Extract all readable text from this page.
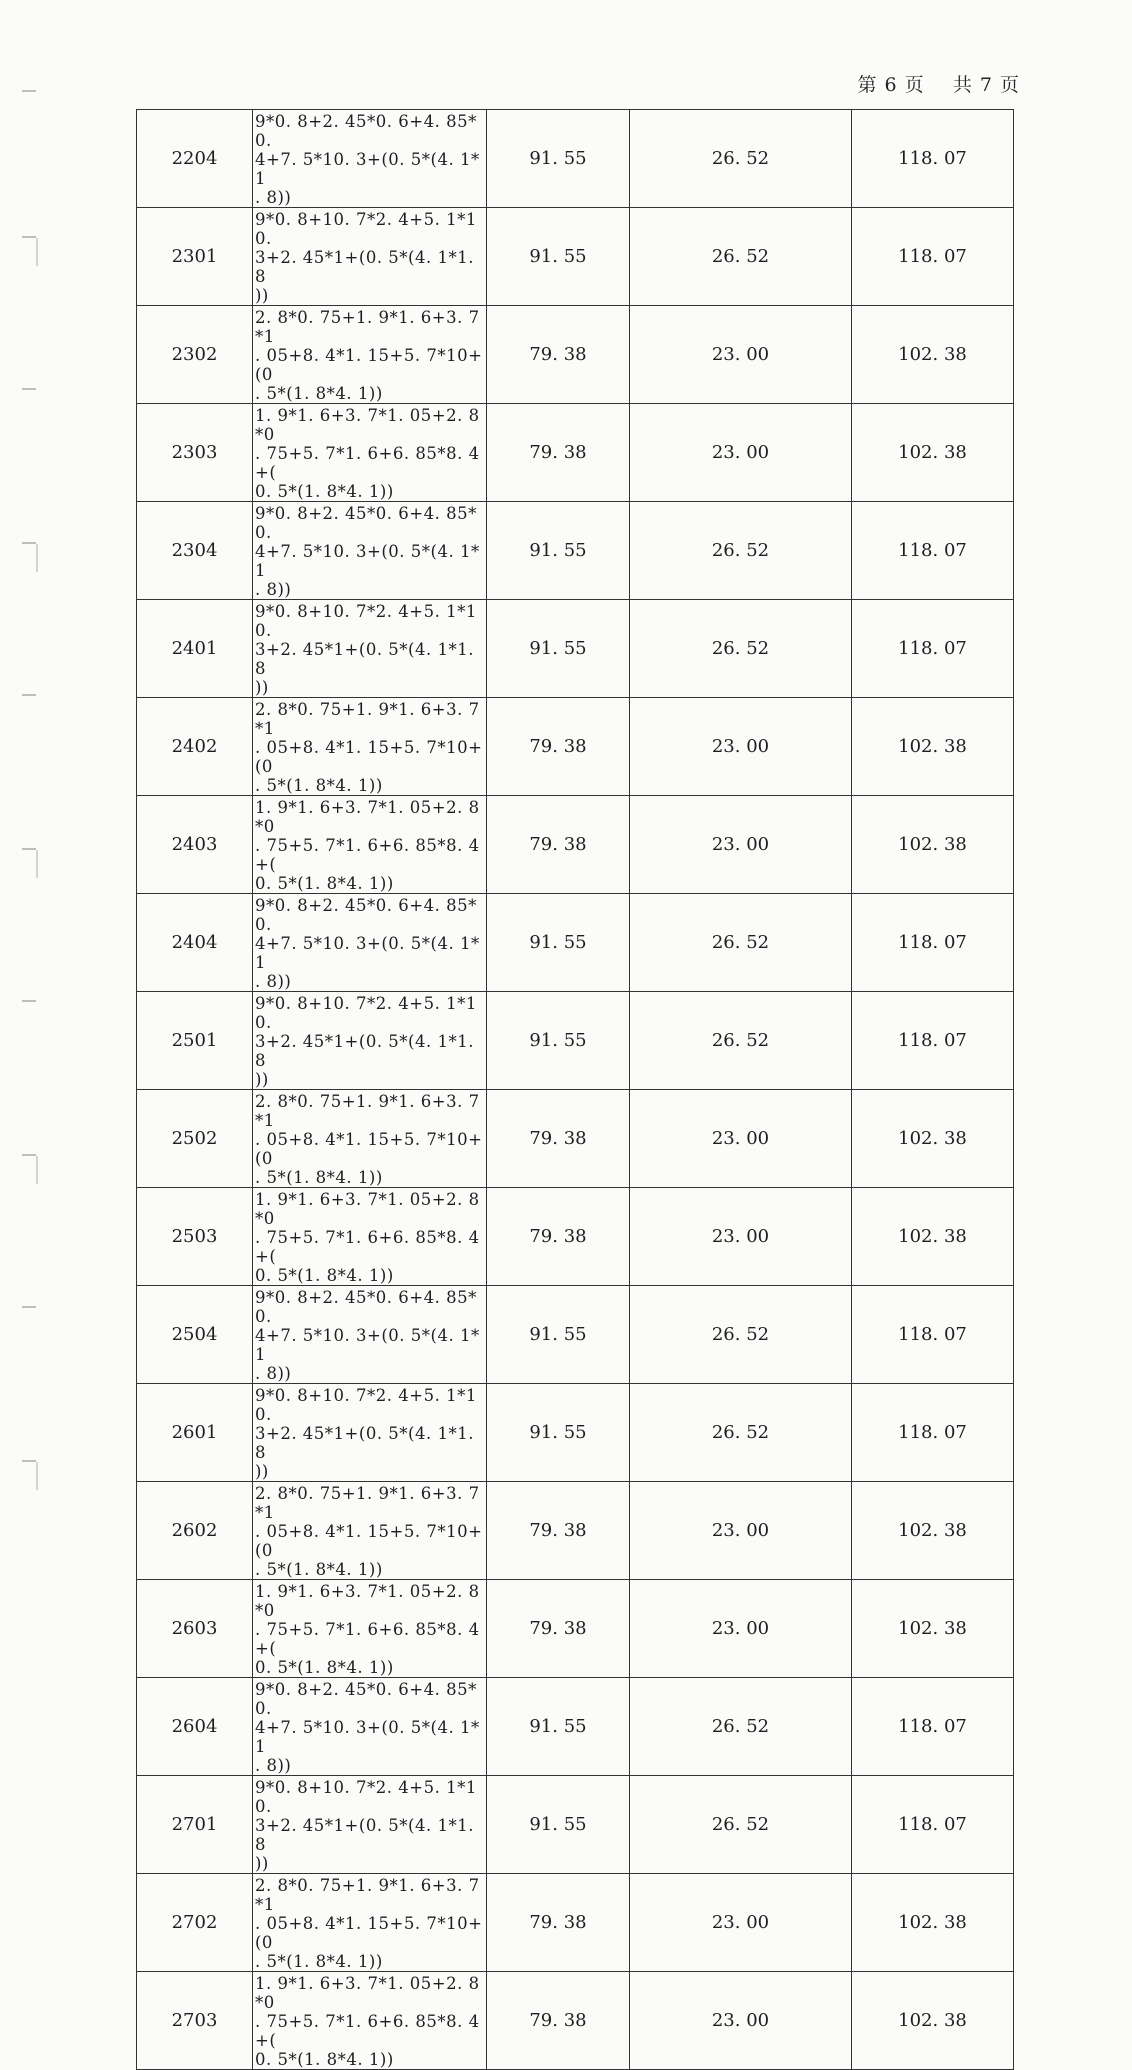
第 6 页 共 7 页
2204	9*0. 8+2. 45*0. 6+4. 85*0.
4+7. 5*10. 3+(0. 5*(4. 1*1
. 8))	91. 55	26. 52	118. 07
2301	9*0. 8+10. 7*2. 4+5. 1*10.
3+2. 45*1+(0. 5*(4. 1*1. 8
))	91. 55	26. 52	118. 07
2302	2. 8*0. 75+1. 9*1. 6+3. 7*1
. 05+8. 4*1. 15+5. 7*10+(0
. 5*(1. 8*4. 1))	79. 38	23. 00	102. 38
2303	1. 9*1. 6+3. 7*1. 05+2. 8*0
. 75+5. 7*1. 6+6. 85*8. 4+(
0. 5*(1. 8*4. 1))	79. 38	23. 00	102. 38
2304	9*0. 8+2. 45*0. 6+4. 85*0.
4+7. 5*10. 3+(0. 5*(4. 1*1
. 8))	91. 55	26. 52	118. 07
2401	9*0. 8+10. 7*2. 4+5. 1*10.
3+2. 45*1+(0. 5*(4. 1*1. 8
))	91. 55	26. 52	118. 07
2402	2. 8*0. 75+1. 9*1. 6+3. 7*1
. 05+8. 4*1. 15+5. 7*10+(0
. 5*(1. 8*4. 1))	79. 38	23. 00	102. 38
2403	1. 9*1. 6+3. 7*1. 05+2. 8*0
. 75+5. 7*1. 6+6. 85*8. 4+(
0. 5*(1. 8*4. 1))	79. 38	23. 00	102. 38
2404	9*0. 8+2. 45*0. 6+4. 85*0.
4+7. 5*10. 3+(0. 5*(4. 1*1
. 8))	91. 55	26. 52	118. 07
2501	9*0. 8+10. 7*2. 4+5. 1*10.
3+2. 45*1+(0. 5*(4. 1*1. 8
))	91. 55	26. 52	118. 07
2502	2. 8*0. 75+1. 9*1. 6+3. 7*1
. 05+8. 4*1. 15+5. 7*10+(0
. 5*(1. 8*4. 1))	79. 38	23. 00	102. 38
2503	1. 9*1. 6+3. 7*1. 05+2. 8*0
. 75+5. 7*1. 6+6. 85*8. 4+(
0. 5*(1. 8*4. 1))	79. 38	23. 00	102. 38
2504	9*0. 8+2. 45*0. 6+4. 85*0.
4+7. 5*10. 3+(0. 5*(4. 1*1
. 8))	91. 55	26. 52	118. 07
2601	9*0. 8+10. 7*2. 4+5. 1*10.
3+2. 45*1+(0. 5*(4. 1*1. 8
))	91. 55	26. 52	118. 07
2602	2. 8*0. 75+1. 9*1. 6+3. 7*1
. 05+8. 4*1. 15+5. 7*10+(0
. 5*(1. 8*4. 1))	79. 38	23. 00	102. 38
2603	1. 9*1. 6+3. 7*1. 05+2. 8*0
. 75+5. 7*1. 6+6. 85*8. 4+(
0. 5*(1. 8*4. 1))	79. 38	23. 00	102. 38
2604	9*0. 8+2. 45*0. 6+4. 85*0.
4+7. 5*10. 3+(0. 5*(4. 1*1
. 8))	91. 55	26. 52	118. 07
2701	9*0. 8+10. 7*2. 4+5. 1*10.
3+2. 45*1+(0. 5*(4. 1*1. 8
))	91. 55	26. 52	118. 07
2702	2. 8*0. 75+1. 9*1. 6+3. 7*1
. 05+8. 4*1. 15+5. 7*10+(0
. 5*(1. 8*4. 1))	79. 38	23. 00	102. 38
2703	1. 9*1. 6+3. 7*1. 05+2. 8*0
. 75+5. 7*1. 6+6. 85*8. 4+(
0. 5*(1. 8*4. 1))	79. 38	23. 00	102. 38
